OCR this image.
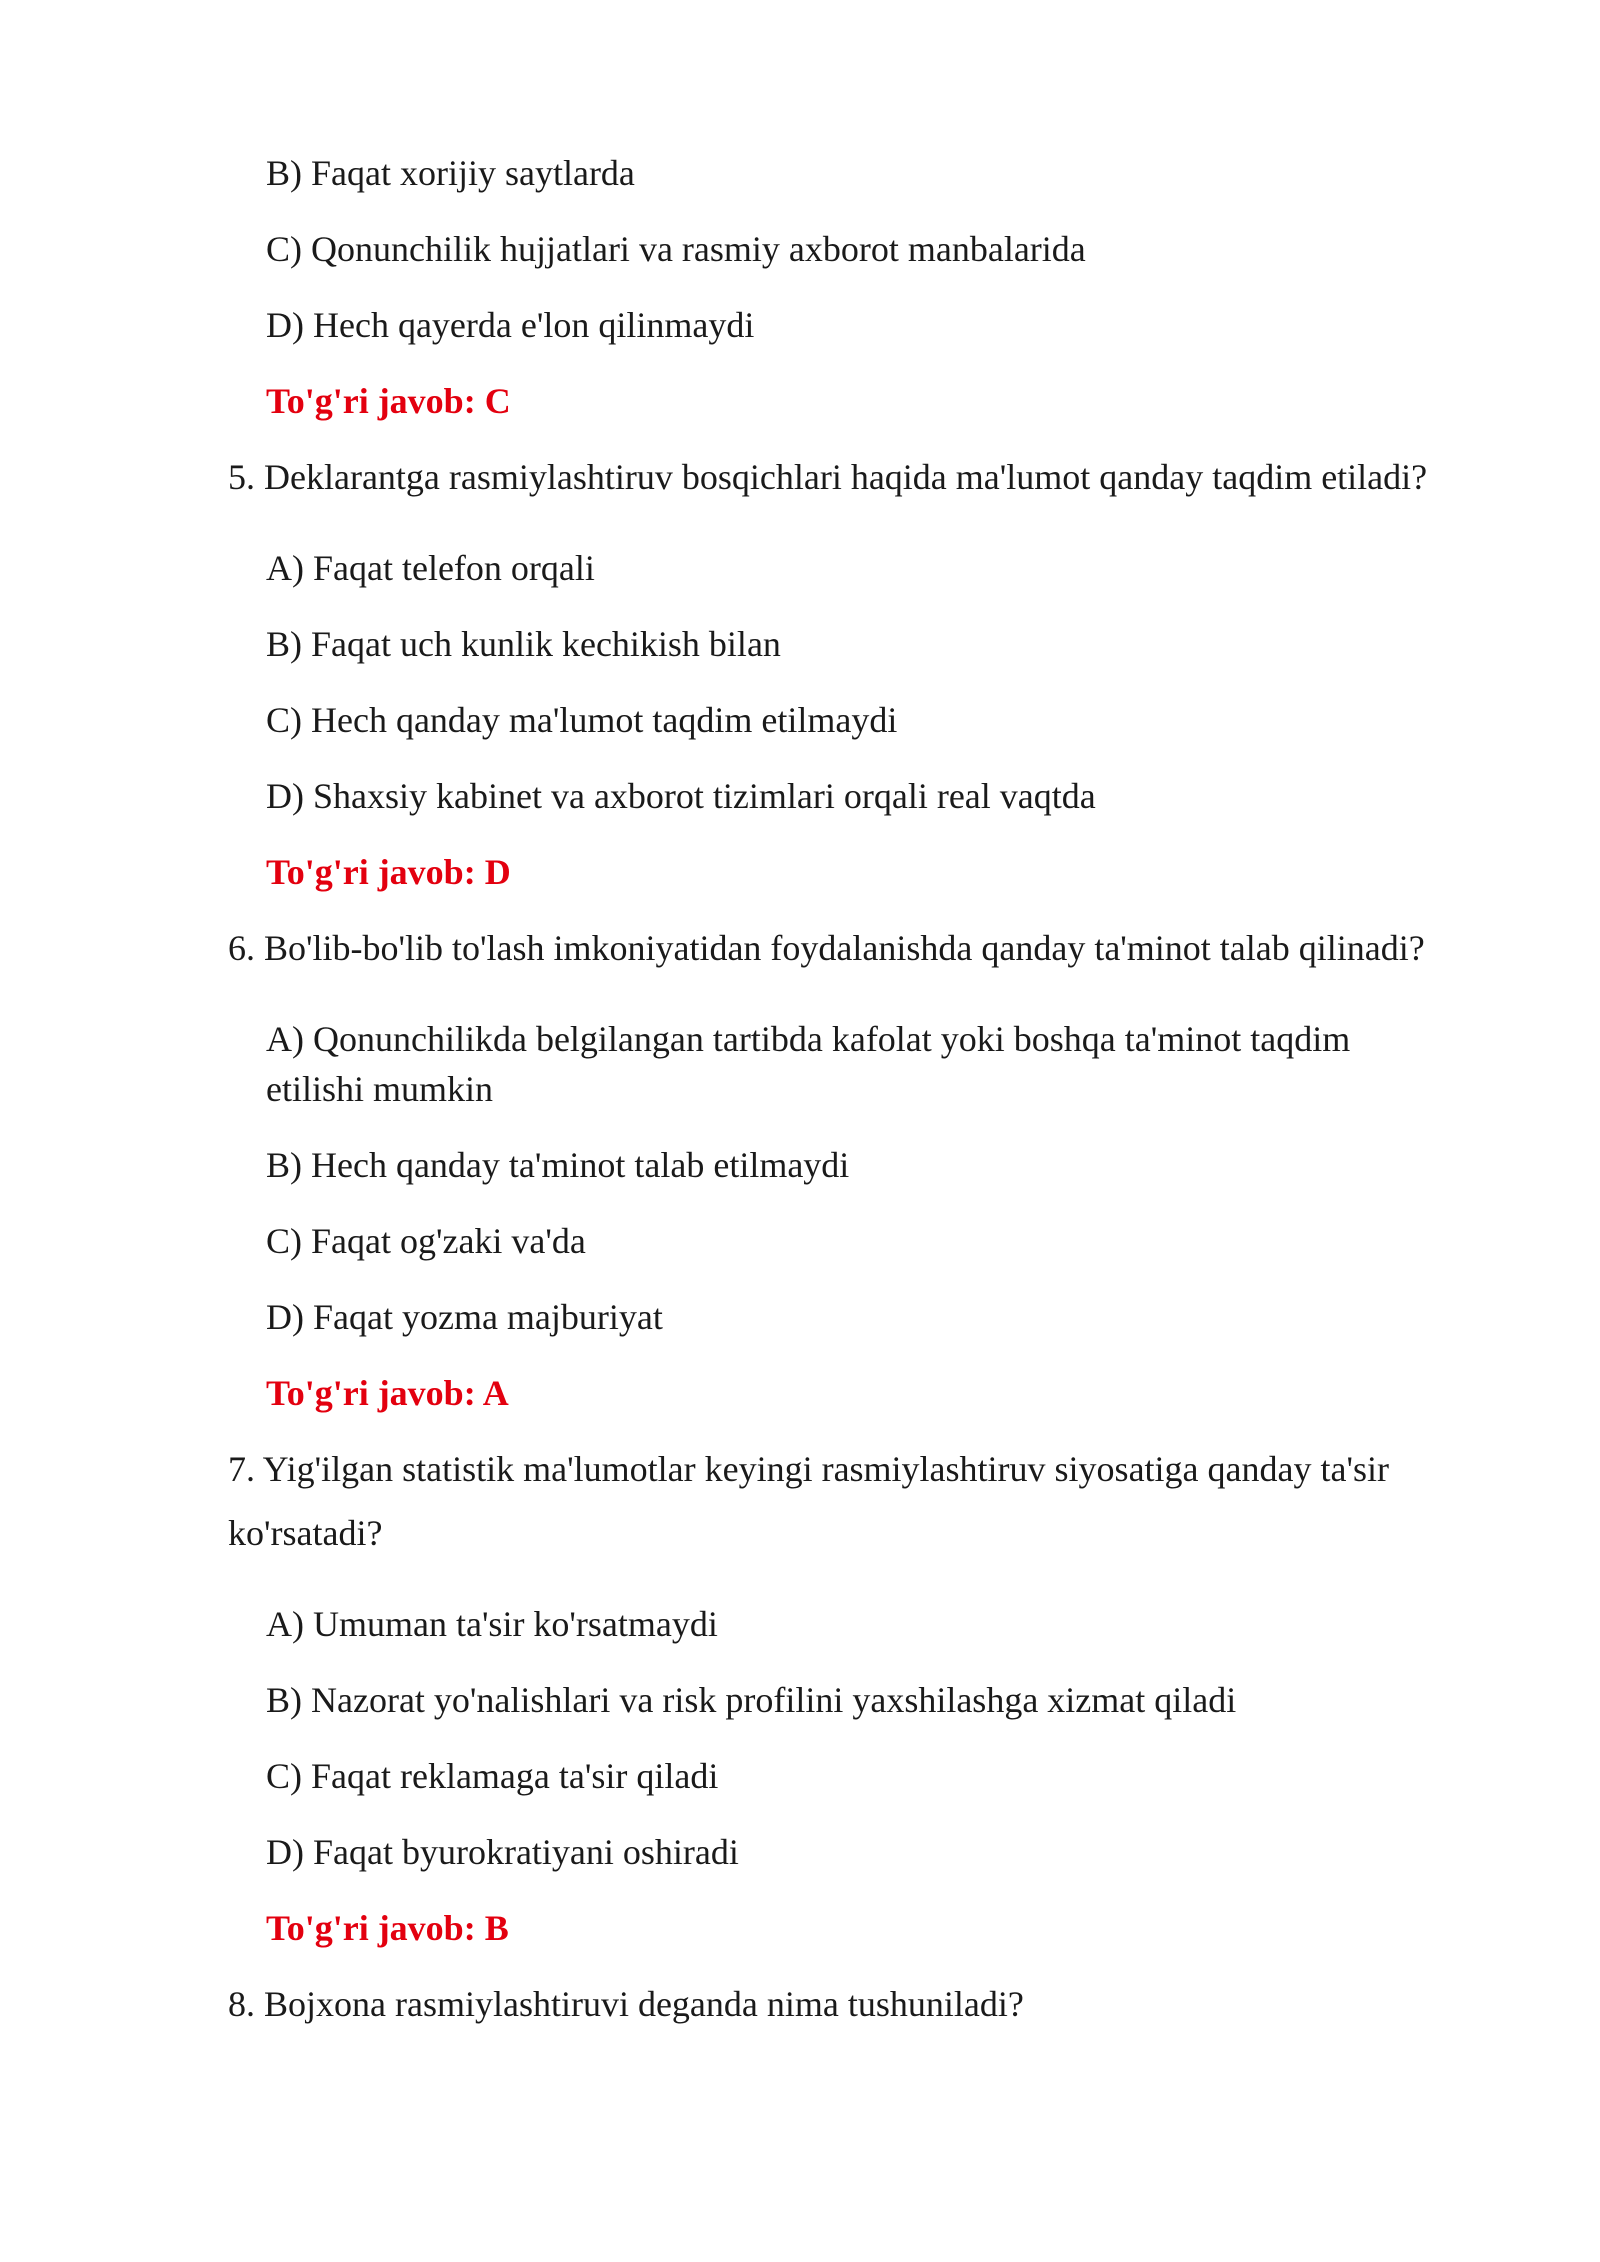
B) Faqat xorijiy saytlarda
C) Qonunchilik hujjatlari va rasmiy axborot manbalarida
D) Hech qayerda e'lon qilinmaydi
To'g'ri javob: C
5. Deklarantga rasmiylashtiruv bosqichlari haqida ma'lumot qanday taqdim etiladi?
A) Faqat telefon orqali
B) Faqat uch kunlik kechikish bilan
C) Hech qanday ma'lumot taqdim etilmaydi
D) Shaxsiy kabinet va axborot tizimlari orqali real vaqtda
To'g'ri javob: D
6. Bo'lib-bo'lib to'lash imkoniyatidan foydalanishda qanday ta'minot talab qilinadi?
A) Qonunchilikda belgilangan tartibda kafolat yoki boshqa ta'minot taqdim
etilishi mumkin
B) Hech qanday ta'minot talab etilmaydi
C) Faqat og'zaki va'da
D) Faqat yozma majburiyat
To'g'ri javob: A
7. Yig'ilgan statistik ma'lumotlar keyingi rasmiylashtiruv siyosatiga qanday ta'sir
ko'rsatadi?
A) Umuman ta'sir ko'rsatmaydi
B) Nazorat yo'nalishlari va risk profilini yaxshilashga xizmat qiladi
C) Faqat reklamaga ta'sir qiladi
D) Faqat byurokratiyani oshiradi
To'g'ri javob: B
8. Bojxona rasmiylashtiruvi deganda nima tushuniladi?
